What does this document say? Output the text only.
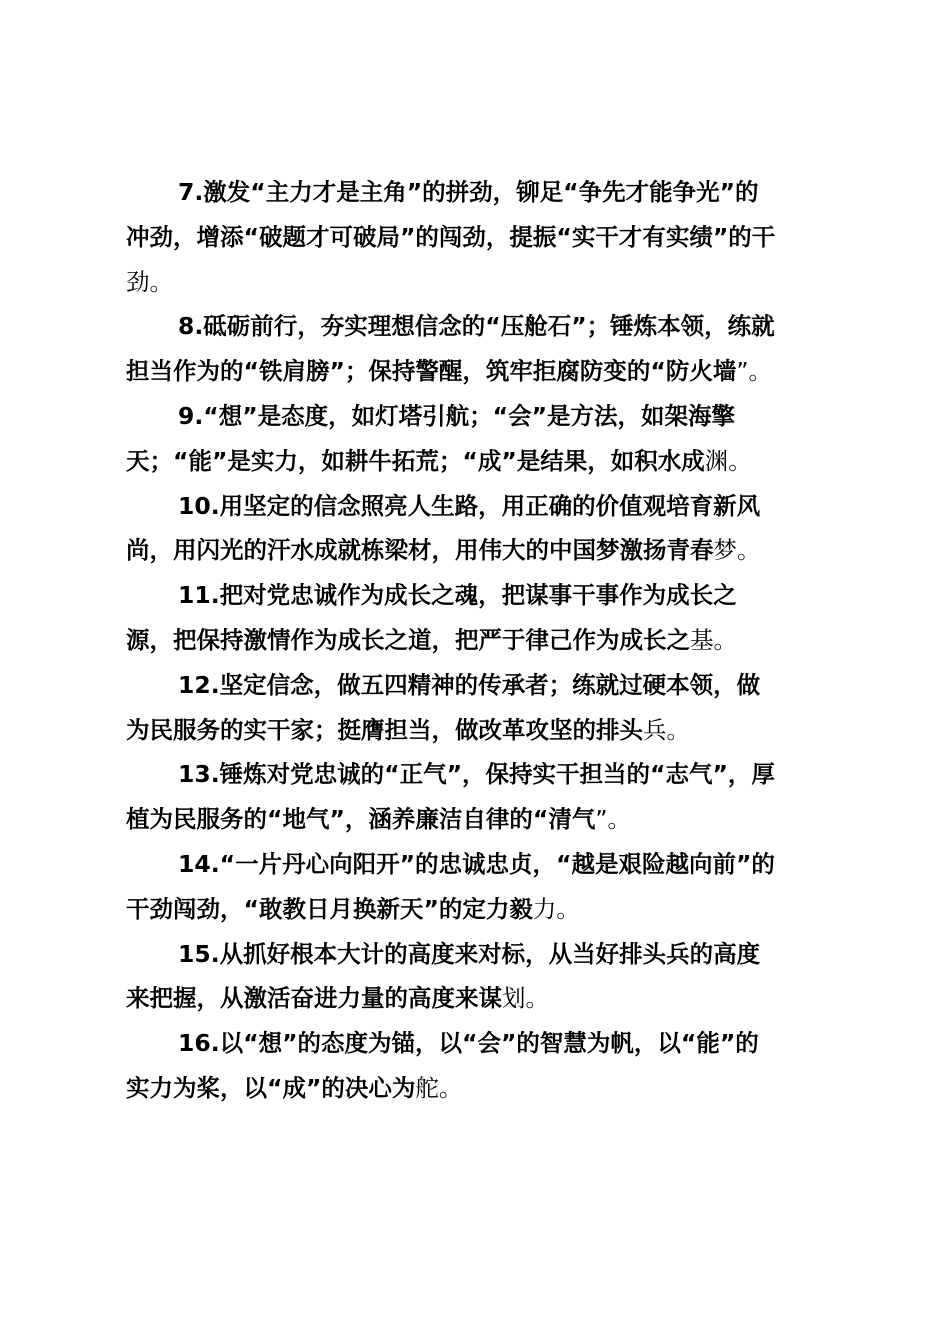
7.激发“主力才是主角”的拼劲，铆足“争先才能争光”的
冲劲，增添“破题才可破局”的闯劲，提振“实干才有实绩”的干
劲。
8.砥砺前行，夯实理想信念的“压舱石”；锤炼本领，练就
担当作为的“铁肩膀”；保持警醒，筑牢拒腐防变的“防火墙”。
9.“想”是态度，如灯塔引航；“会”是方法，如架海擎
天；“能”是实力，如耕牛拓荒；“成”是结果，如积水成渊。
10.用坚定的信念照亮人生路，用正确的价值观培育新风
尚，用闪光的汗水成就栋梁材，用伟大的中国梦激扬青春梦。
11.把对党忠诚作为成长之魂，把谋事干事作为成长之
源，把保持激情作为成长之道，把严于律己作为成长之基。
12.坚定信念，做五四精神的传承者；练就过硬本领，做
为民服务的实干家；挺膺担当，做改革攻坚的排头兵。
13.锤炼对党忠诚的“正气”，保持实干担当的“志气”，厚
植为民服务的“地气”，涵养廉洁自律的“清气”。
14.“一片丹心向阳开”的忠诚忠贞，“越是艰险越向前”的
干劲闯劲，“敢教日月换新天”的定力毅力。
15.从抓好根本大计的高度来对标，从当好排头兵的高度
来把握，从激活奋进力量的高度来谋划。
16.以“想”的态度为锚，以“会”的智慧为帆，以“能”的
实力为桨，以“成”的决心为舵。
